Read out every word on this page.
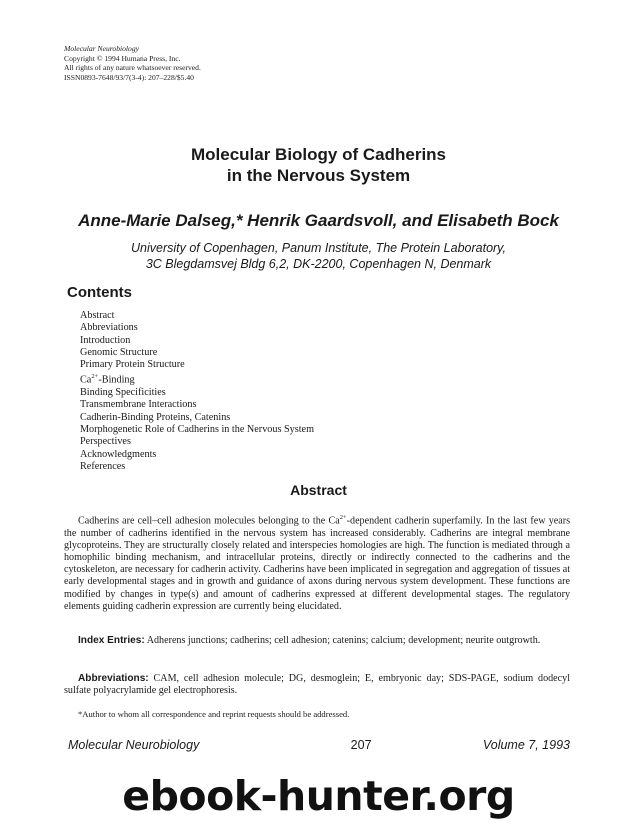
Molecular Neurobiology
Copyright © 1994 Humana Press, Inc.
All rights of any nature whatsoever reserved.
ISSN0893-7648/93/7(3-4): 207–228/$5.40
Molecular Biology of Cadherins
in the Nervous System
Anne-Marie Dalseg,* Henrik Gaardsvoll, and Elisabeth Bock
University of Copenhagen, Panum Institute, The Protein Laboratory,
3C Blegdamsvej Bldg 6,2, DK-2200, Copenhagen N, Denmark
Contents
Abstract
Abbreviations
Introduction
Genomic Structure
Primary Protein Structure
$Ca^{2+}$-Binding
Binding Specificities
Transmembrane Interactions
Cadherin-Binding Proteins, Catenins
Morphogenetic Role of Cadherins in the Nervous System
Perspectives
Acknowledgments
References
Abstract

Cadherins are cell–cell adhesion molecules belonging to the $Ca^{2+}$-dependent cadherin superfamily. In the last few years the number of cadherins identified in the nervous system has increased considerably. Cadherins are integral membrane glycoproteins. They are structurally closely related and interspecies homologies are high. The function is mediated through a homophilic binding mechanism, and intracellular proteins, directly or indirectly connected to the cadherins and the cytoskeleton, are necessary for cadherin activity. Cadherins have been implicated in segregation and aggregation of tissues at early developmental stages and in growth and guidance of axons during nervous system development. These functions are modified by changes in type(s) and amount of cadherins expressed at different developmental stages. The regulatory elements guiding cadherin expression are currently being elucidated.

Index Entries: Adherens junctions; cadherins; cell adhesion; catenins; calcium; development; neurite outgrowth.

Abbreviations: CAM, cell adhesion molecule; DG, desmoglein; E, embryonic day; SDS-PAGE, sodium dodecyl sulfate polyacrylamide gel electrophoresis.

*Author to whom all correspondence and reprint requests should be addressed.
Molecular Neurobiology	207	Volume 7, 1993
ebook-hunter.org
